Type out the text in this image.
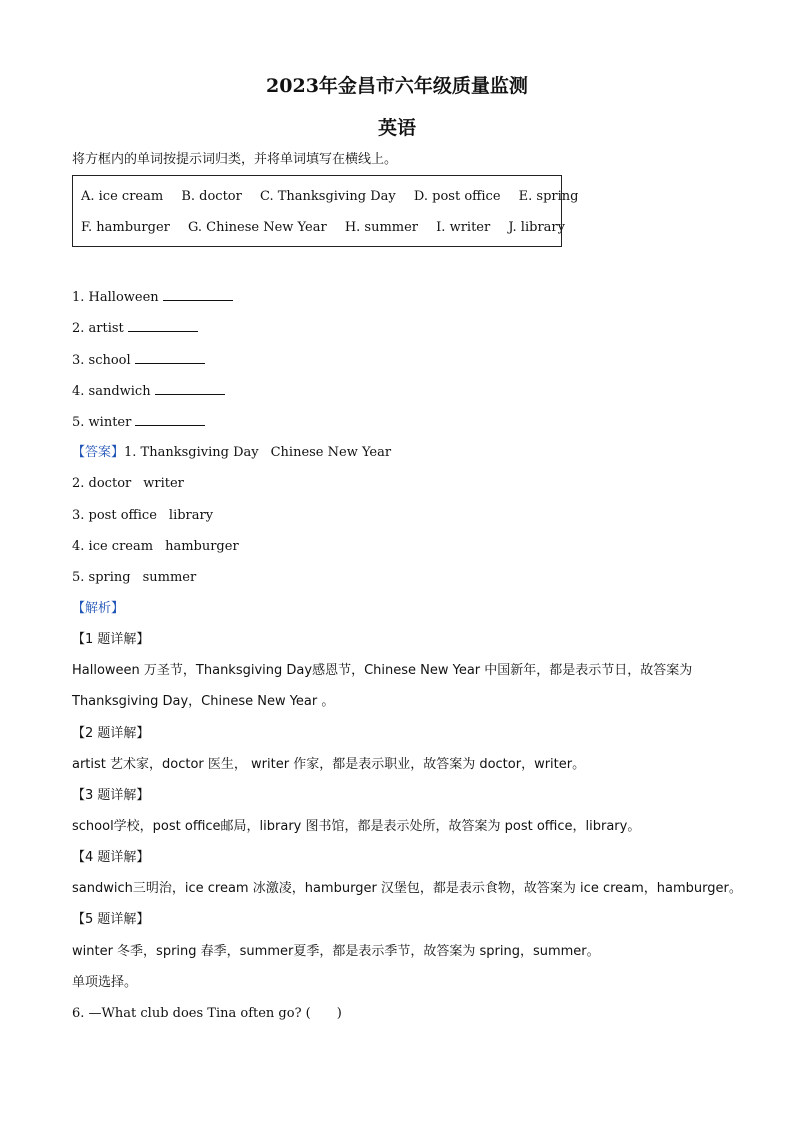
2023年金昌市六年级质量监测
英语
将方框内的单词按提示词归类，并将单词填写在横线上。
A. ice cream B. doctor C. Thanksgiving Day D. post office E. spring
F. hamburger G. Chinese New Year H. summer I. writer J. library
1. Halloween
2. artist
3. school
4. sandwich
5. winter
【答案】1. Thanksgiving Day Chinese New Year
2. doctor writer
3. post office library
4. ice cream hamburger
5. spring summer
【解析】
【1 题详解】
Halloween 万圣节，Thanksgiving Day感恩节，Chinese New Year 中国新年，都是表示节日，故答案为
Thanksgiving Day，Chinese New Year 。
【2 题详解】
artist 艺术家，doctor 医生， writer 作家，都是表示职业，故答案为 doctor，writer。
【3 题详解】
school学校，post office邮局，library 图书馆，都是表示处所，故答案为 post office，library。
【4 题详解】
sandwich三明治，ice cream 冰激凌，hamburger 汉堡包，都是表示食物，故答案为 ice cream，hamburger。
【5 题详解】
winter 冬季，spring 春季，summer夏季，都是表示季节，故答案为 spring，summer。
单项选择。
6. —What club does Tina often go? (　　)
